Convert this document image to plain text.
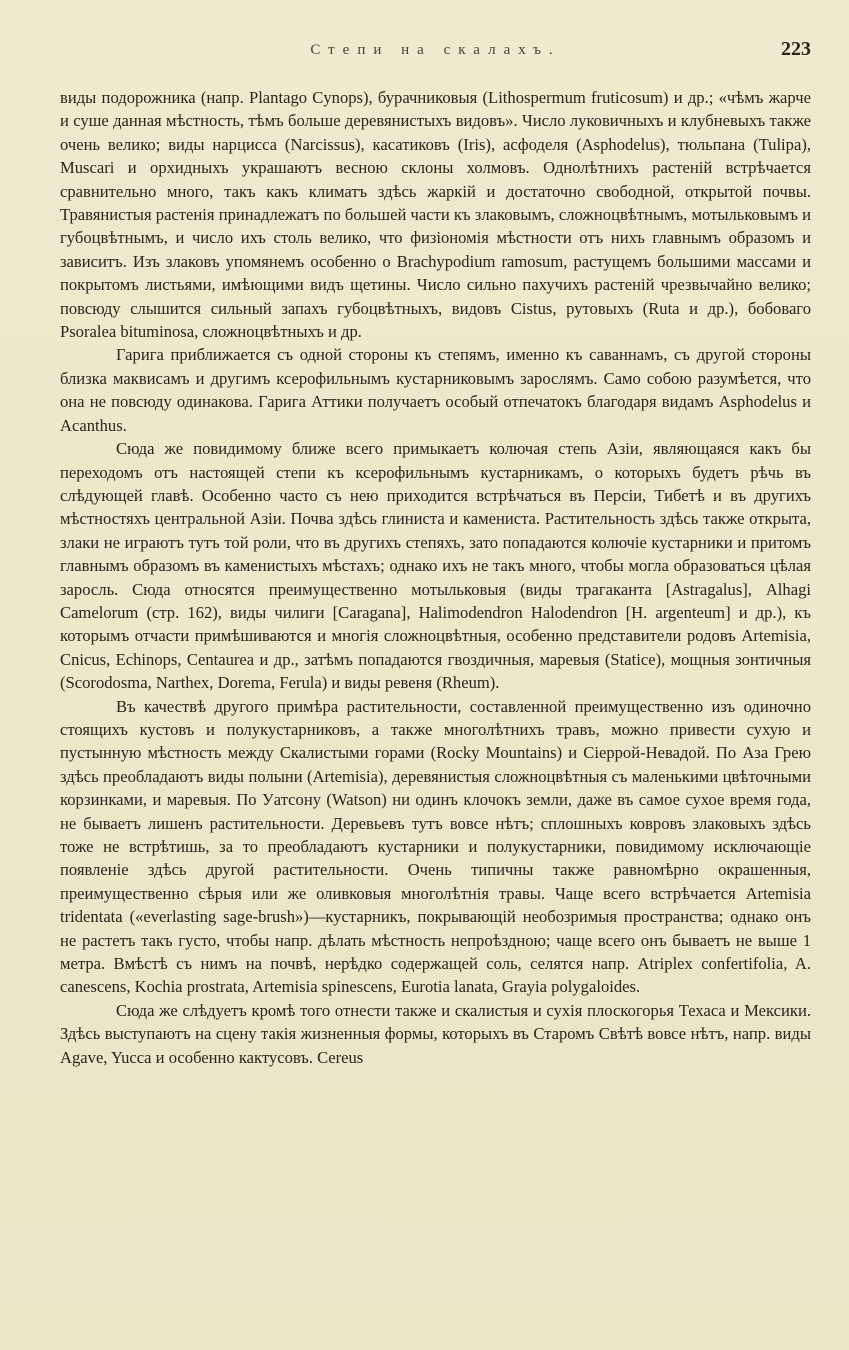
Степи на скалахъ.	223

виды подорожника (напр. Plantago Cynops), бурачниковыя (Lithospermum fruticosum) и др.; «чѣмъ жарче и суше данная мѣстность, тѣмъ больше деревянистыхъ видовъ». Число луковичныхъ и клубневыхъ также очень велико; виды нарцисса (Narcissus), касатиковъ (Iris), асфоделя (Asphodelus), тюльпана (Tulipa), Muscari и орхидныхъ украшаютъ весною склоны холмовъ. Однолѣтнихъ растеній встрѣчается сравнительно много, такъ какъ климатъ здѣсь жаркій и достаточно свободной, открытой почвы. Травянистыя растенія принадлежатъ по большей части къ злаковымъ, сложноцвѣтнымъ, мотыльковымъ и губоцвѣтнымъ, и число ихъ столь велико, что физіономія мѣстности отъ нихъ главнымъ образомъ и зависитъ. Изъ злаковъ упомянемъ особенно о Brachypodium ramosum, растущемъ большими массами и покрытомъ листьями, имѣющими видъ щетины. Число сильно пахучихъ растеній чрезвычайно велико; повсюду слышится сильный запахъ губоцвѣтныхъ, видовъ Cistus, рутовыхъ (Ruta и др.), бобоваго Psoralea bituminosa, сложноцвѣтныхъ и др.

Гарига приближается съ одной стороны къ степямъ, именно къ саваннамъ, съ другой стороны близка маквисамъ и другимъ ксерофильнымъ кустарниковымъ зарослямъ. Само собою разумѣется, что она не повсюду одинакова. Гарига Аттики получаетъ особый отпечатокъ благодаря видамъ Asphodelus и Acanthus.

Сюда же повидимому ближе всего примыкаетъ колючая степь Азіи, являющаяся какъ бы переходомъ отъ настоящей степи къ ксерофильнымъ кустарникамъ, о которыхъ будетъ рѣчь въ слѣдующей главѣ. Особенно часто съ нею приходится встрѣчаться въ Персіи, Тибетѣ и въ другихъ мѣстностяхъ центральной Азіи. Почва здѣсь глиниста и камениста. Растительность здѣсь также открыта, злаки не играютъ тутъ той роли, что въ другихъ степяхъ, зато попадаются колючіе кустарники и притомъ главнымъ образомъ въ каменистыхъ мѣстахъ; однако ихъ не такъ много, чтобы могла образоваться цѣлая заросль. Сюда относятся преимущественно мотыльковыя (виды трагаканта [Astragalus], Alhagi Camelorum (стр. 162), виды чилиги [Caragana], Halimodendron Halodendron [H. argenteum] и др.), къ которымъ отчасти примѣшиваются и многія сложноцвѣтныя, особенно представители родовъ Artemisia, Cnicus, Echinops, Centaurea и др., затѣмъ попадаются гвоздичныя, маревыя (Statice), мощныя зонтичныя (Scorodosma, Narthex, Dorema, Ferula) и виды ревеня (Rheum).

Въ качествѣ другого примѣра растительности, составленной преимущественно изъ одиночно стоящихъ кустовъ и полукустарниковъ, а также многолѣтнихъ травъ, можно привести сухую и пустынную мѣстность между Скалистыми горами (Rocky Mountains) и Сіеррой-Невадой. По Аза Грею здѣсь преобладаютъ виды полыни (Artemisia), деревянистыя сложноцвѣтныя съ маленькими цвѣточными корзинками, и маревыя. По Уатсону (Watson) ни одинъ клочокъ земли, даже въ самое сухое время года, не бываетъ лишенъ растительности. Деревьевъ тутъ вовсе нѣтъ; сплошныхъ ковровъ злаковыхъ здѣсь тоже не встрѣтишь, за то преобладаютъ кустарники и полукустарники, повидимому исключающіе появленіе здѣсь другой растительности. Очень типичны также равномѣрно окрашенныя, преимущественно сѣрыя или же оливковыя многолѣтнія травы. Чаще всего встрѣчается Artemisia tridentata («everlasting sage-brush»)—кустарникъ, покрывающій необозримыя пространства; однако онъ не растетъ такъ густо, чтобы напр. дѣлать мѣстность непроѣздною; чаще всего онъ бываетъ не выше 1 метра. Вмѣстѣ съ нимъ на почвѣ, нерѣдко содержащей соль, селятся напр. Atriplex confertifolia, A. canescens, Kochia prostrata, Artemisia spinescens, Eurotia lanata, Grayia polygaloides.

Сюда же слѣдуетъ кромѣ того отнести также и скалистыя и сухія плоскогорья Техаса и Мексики. Здѣсь выступаютъ на сцену такія жизненныя формы, которыхъ въ Старомъ Свѣтѣ вовсе нѣтъ, напр. виды Agave, Yucca и особенно кактусовъ. Cereus
